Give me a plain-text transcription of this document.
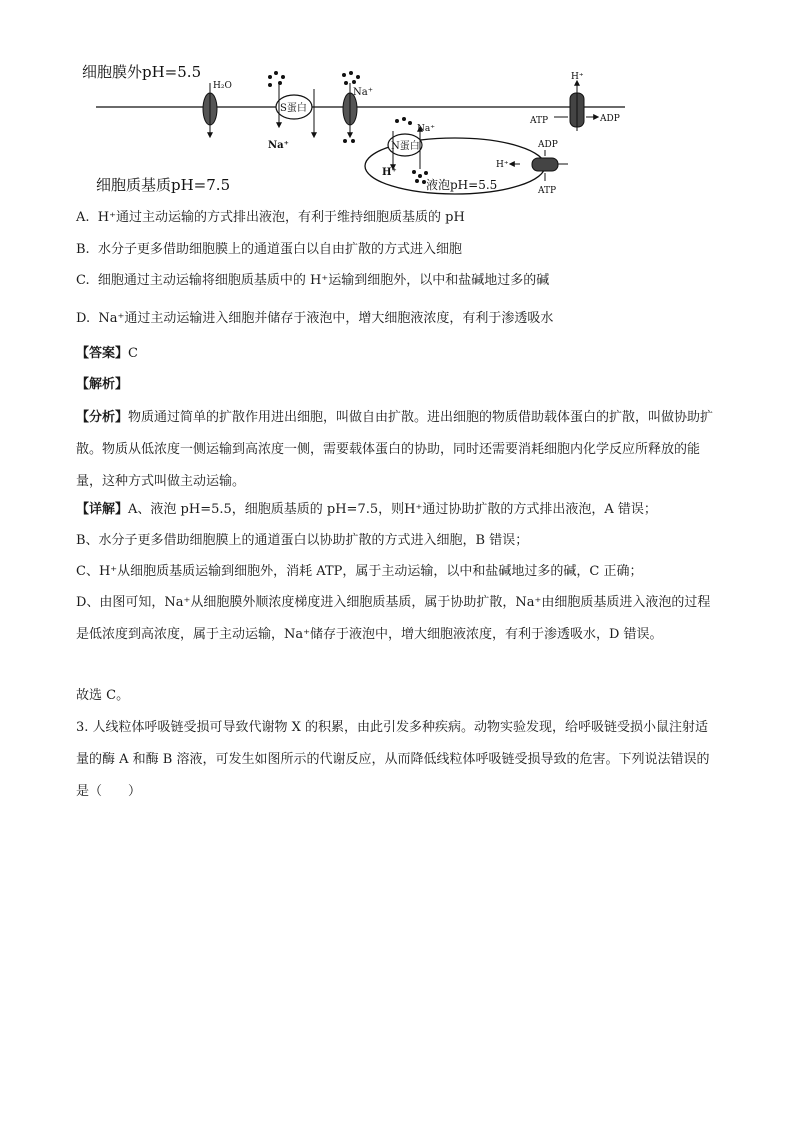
细胞膜外pH=5.5
细胞质基质pH=7.5
H₂O
S蛋白
Na⁺
Na⁺
H⁺
ATP	ADP
液泡pH=5.5
N蛋白
H⁺
Na⁺
H⁺
ADP
ATP
A. H⁺通过主动运输的方式排出液泡，有利于维持细胞质基质的 pH
B. 水分子更多借助细胞膜上的通道蛋白以自由扩散的方式进入细胞
C. 细胞通过主动运输将细胞质基质中的 H⁺运输到细胞外，以中和盐碱地过多的碱
D. Na⁺通过主动运输进入细胞并储存于液泡中，增大细胞液浓度，有利于渗透吸水
【答案】C
【解析】
【分析】物质通过简单的扩散作用进出细胞，叫做自由扩散。进出细胞的物质借助载体蛋白的扩散，叫做协助扩散。物质从低浓度一侧运输到高浓度一侧，需要载体蛋白的协助，同时还需要消耗细胞内化学反应所释放的能量，这种方式叫做主动运输。
【详解】A、液泡 pH=5.5，细胞质基质的 pH=7.5，则H⁺通过协助扩散的方式排出液泡，A 错误；
B、水分子更多借助细胞膜上的通道蛋白以协助扩散的方式进入细胞，B 错误；
C、H⁺从细胞质基质运输到细胞外，消耗 ATP，属于主动运输，以中和盐碱地过多的碱，C 正确；
D、由图可知，Na⁺从细胞膜外顺浓度梯度进入细胞质基质，属于协助扩散，Na⁺由细胞质基质进入液泡的过程是低浓度到高浓度，属于主动运输，Na⁺储存于液泡中，增大细胞液浓度，有利于渗透吸水，D 错误。
故选 C。
3. 人线粒体呼吸链受损可导致代谢物 X 的积累，由此引发多种疾病。动物实验发现，给呼吸链受损小鼠注射适量的酶 A 和酶 B 溶液，可发生如图所示的代谢反应，从而降低线粒体呼吸链受损导致的危害。下列说法错误的是（　　）
